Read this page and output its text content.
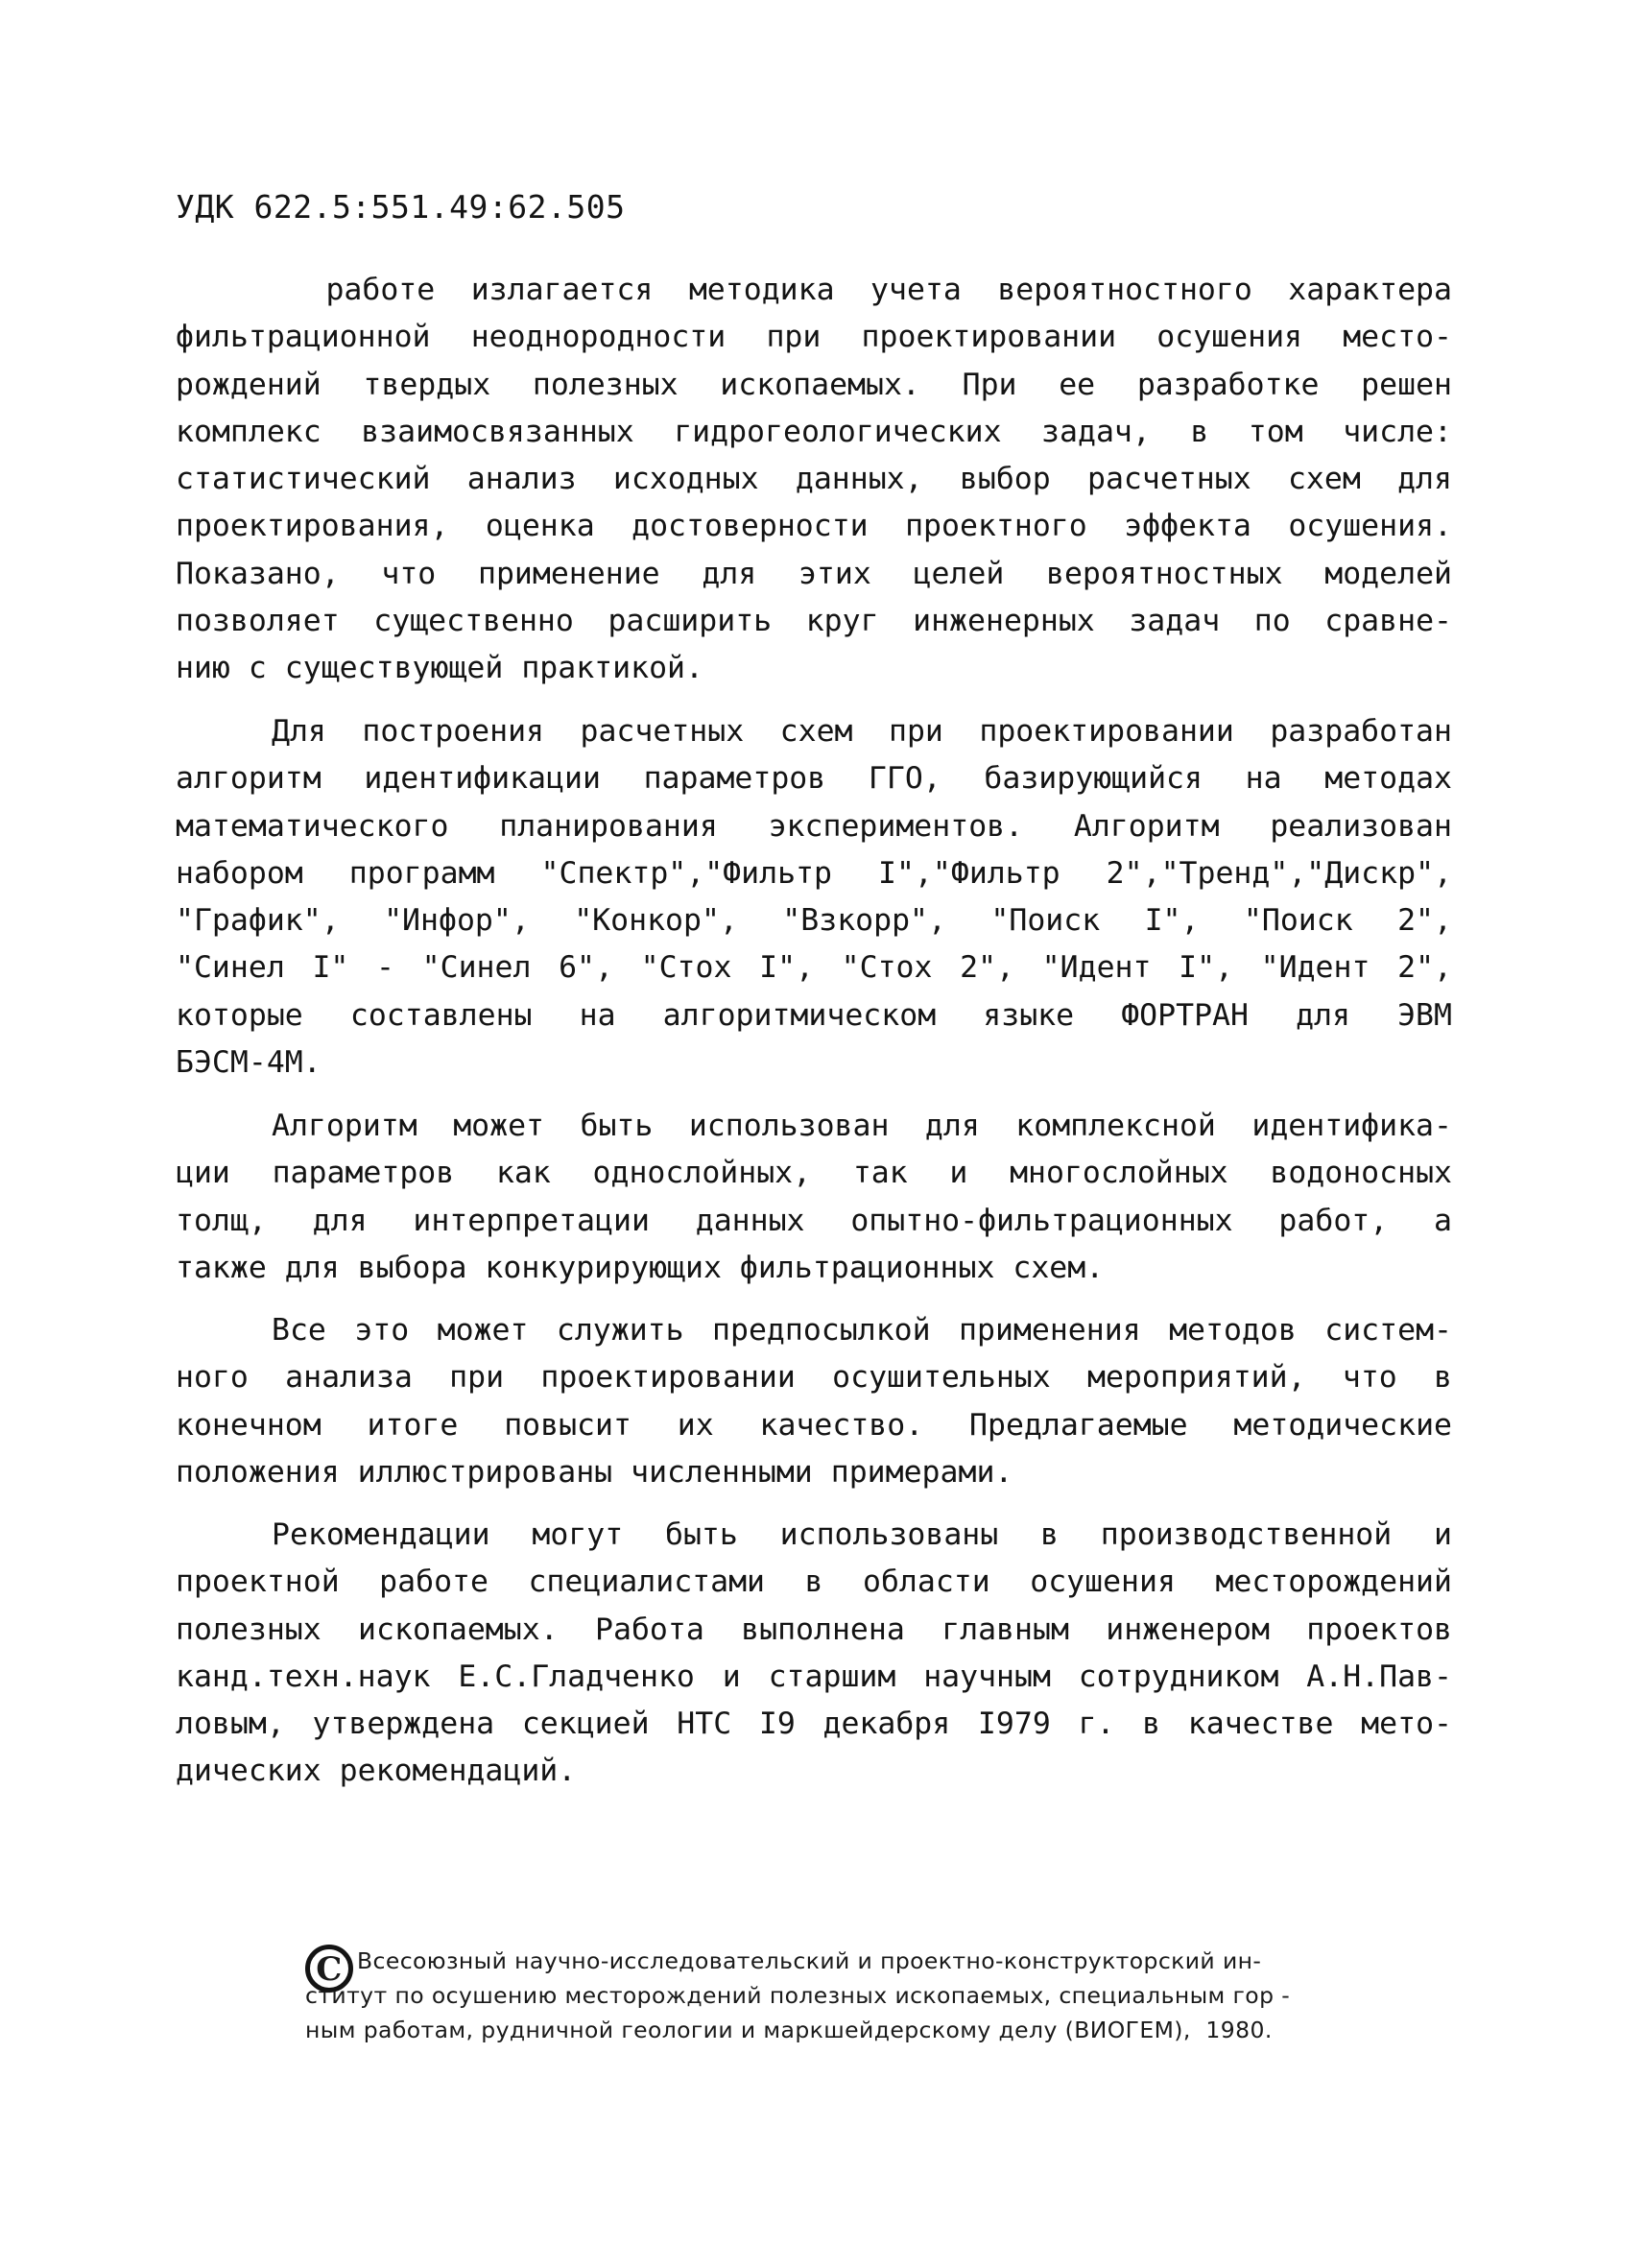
УДК 622.5:551.49:62.505
  работе излагается методика учета вероятностного характера
фильтрационной неоднородности при проектировании осушения место-
рождений твердых полезных ископаемых. При ее разработке решен
комплекс взаимосвязанных гидрогеологических задач, в том числе:
статистический анализ исходных данных, выбор расчетных схем для
проектирования, оценка достоверности проектного эффекта осушения.
Показано, что применение для этих целей вероятностных моделей
позволяет существенно расширить круг инженерных задач по сравне-
нию с существующей практикой.
Для построения расчетных схем при проектировании разработан
алгоритм идентификации параметров ГГО, базирующийся на методах
математического планирования экспериментов. Алгоритм реализован
набором программ "Спектр","Фильтр I","Фильтр 2","Тренд","Дискр",
"График", "Инфор", "Конкор", "Взкорр", "Поиск I", "Поиск 2",
"Синел I" - "Синел 6", "Стох I", "Стох 2", "Идент I", "Идент 2",
которые составлены на алгоритмическом языке ФОРТРАН для ЭВМ
БЭСМ-4М.
Алгоритм может быть использован для комплексной идентифика-
ции параметров как однослойных, так и многослойных водоносных
толщ, для интерпретации данных опытно-фильтрационных работ, а
также для выбора конкурирующих фильтрационных схем.
Все это может служить предпосылкой применения методов систем-
ного анализа при проектировании осушительных мероприятий, что в
конечном итоге повысит их качество. Предлагаемые методические
положения иллюстрированы численными примерами.
Рекомендации могут быть использованы в производственной и
проектной работе специалистами в области осушения месторождений
полезных ископаемых. Работа выполнена главным инженером проектов
канд.техн.наук Е.С.Гладченко и старшим научным сотрудником А.Н.Пав-
ловым, утверждена секцией НТС I9 декабря I979 г. в качестве мето-
дических рекомендаций.
C Всесоюзный научно-исследовательский и проектно-конструкторский ин-
ститут по осушению месторождений полезных ископаемых, специальным гор -
ным работам, рудничной геологии и маркшейдерскому делу (ВИОГЕМ),  1980.
